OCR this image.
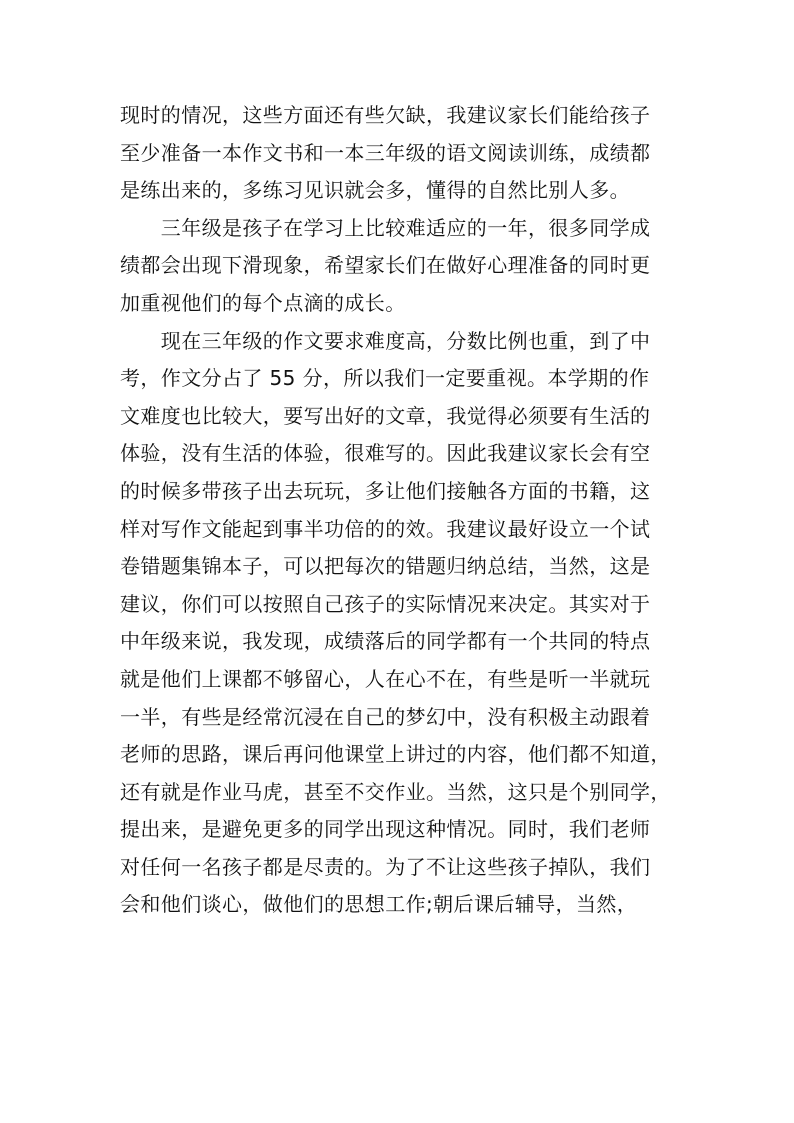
现时的情况，这些方面还有些欠缺，我建议家长们能给孩子
至少准备一本作文书和一本三年级的语文阅读训练，成绩都
是练出来的，多练习见识就会多，懂得的自然比别人多。

　　三年级是孩子在学习上比较难适应的一年，很多同学成
绩都会出现下滑现象，希望家长们在做好心理准备的同时更
加重视他们的每个点滴的成长。

　　现在三年级的作文要求难度高，分数比例也重，到了中
考，作文分占了 55 分，所以我们一定要重视。本学期的作
文难度也比较大，要写出好的文章，我觉得必须要有生活的
体验，没有生活的体验，很难写的。因此我建议家长会有空
的时候多带孩子出去玩玩，多让他们接触各方面的书籍，这
样对写作文能起到事半功倍的的效。我建议最好设立一个试
卷错题集锦本子，可以把每次的错题归纳总结，当然，这是
建议，你们可以按照自己孩子的实际情况来决定。其实对于
中年级来说，我发现，成绩落后的同学都有一个共同的特点
就是他们上课都不够留心，人在心不在，有些是听一半就玩
一半，有些是经常沉浸在自己的梦幻中，没有积极主动跟着
老师的思路，课后再问他课堂上讲过的内容，他们都不知道，
还有就是作业马虎，甚至不交作业。当然，这只是个别同学，
提出来，是避免更多的同学出现这种情况。同时，我们老师
对任何一名孩子都是尽责的。为了不让这些孩子掉队，我们
会和他们谈心，做他们的思想工作;朝后课后辅导，当然，
